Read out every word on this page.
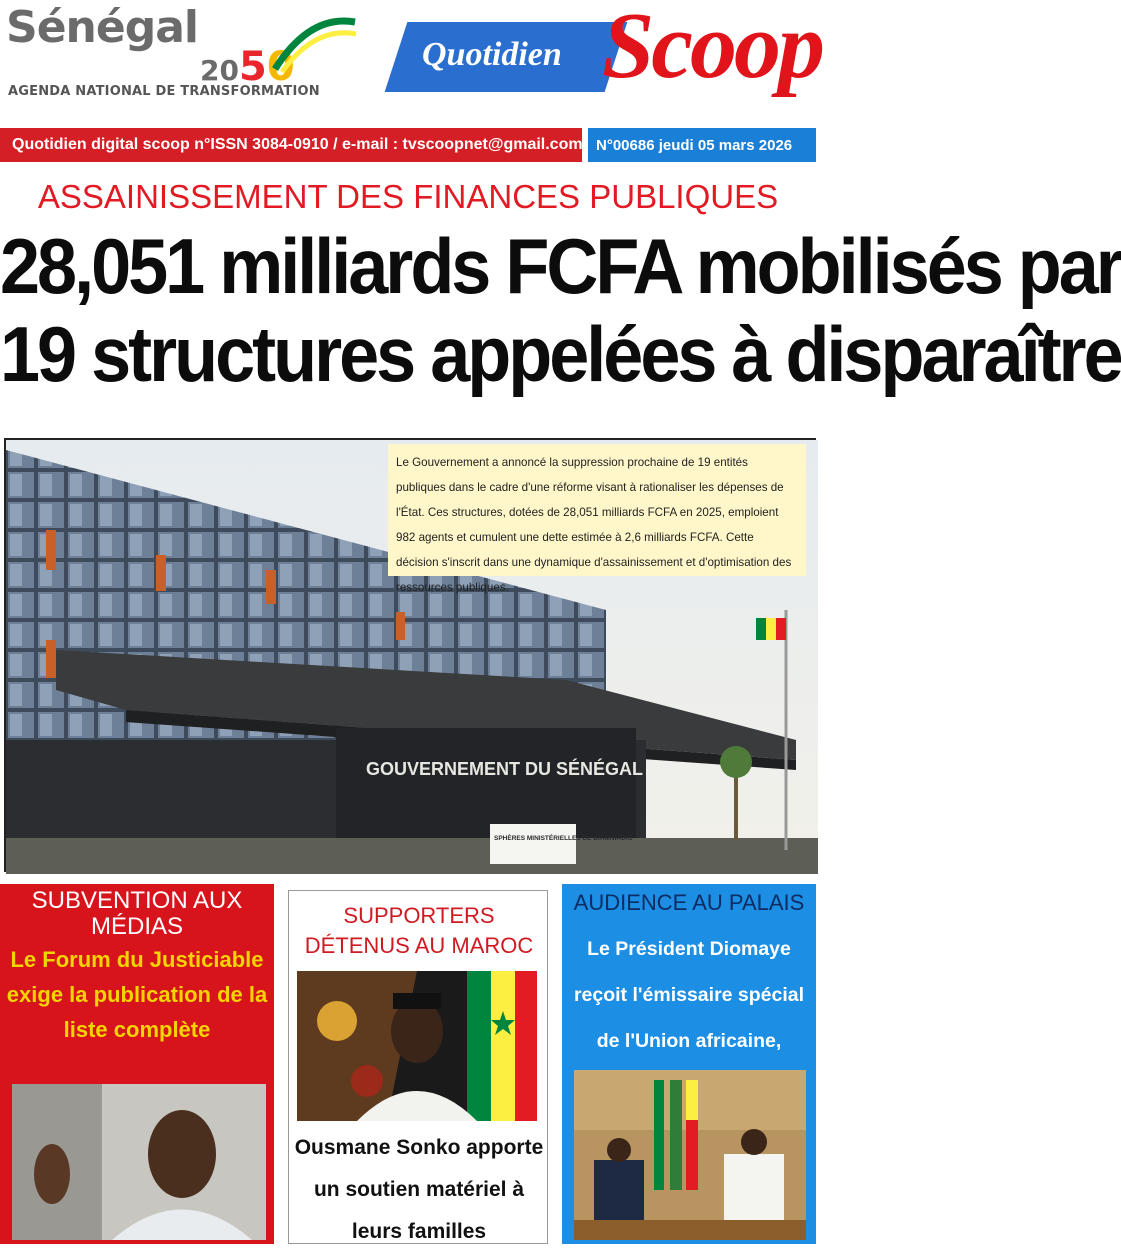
Sénégal
2050
AGENDA NATIONAL DE TRANSFORMATION
Quotidien Scoop
Quotidien digital scoop n°ISSN 3084-0910 / e-mail : tvscoopnet@gmail.com N°00686 jeudi 05 mars 2026
ASSAINISSEMENT DES FINANCES PUBLIQUES
28,051 milliards FCFA mobilisés par
19 structures appelées à disparaître
SPHÈRES MINISTÉRIELLES DE DIAMNIADIO
GOUVERNEMENT DU SÉNÉGAL
Le Gouvernement a annoncé la suppression prochaine de 19 entités publiques dans le cadre d'une réforme visant à rationaliser les dépenses de l'État. Ces structures, dotées de 28,051 milliards FCFA en 2025, emploient 982 agents et cumulent une dette estimée à 2,6 milliards FCFA. Cette décision s'inscrit dans une dynamique d'assainissement et d'optimisation des ressources publiques.
SUBVENTION AUX MÉDIAS
Le Forum du Justiciable exige la publication de la liste complète
SUPPORTERS DÉTENUS AU MAROC
Ousmane Sonko apporte un soutien matériel à leurs familles
AUDIENCE AU PALAIS
Le Président Diomaye reçoit l'émissaire spécial de l'Union africaine,
